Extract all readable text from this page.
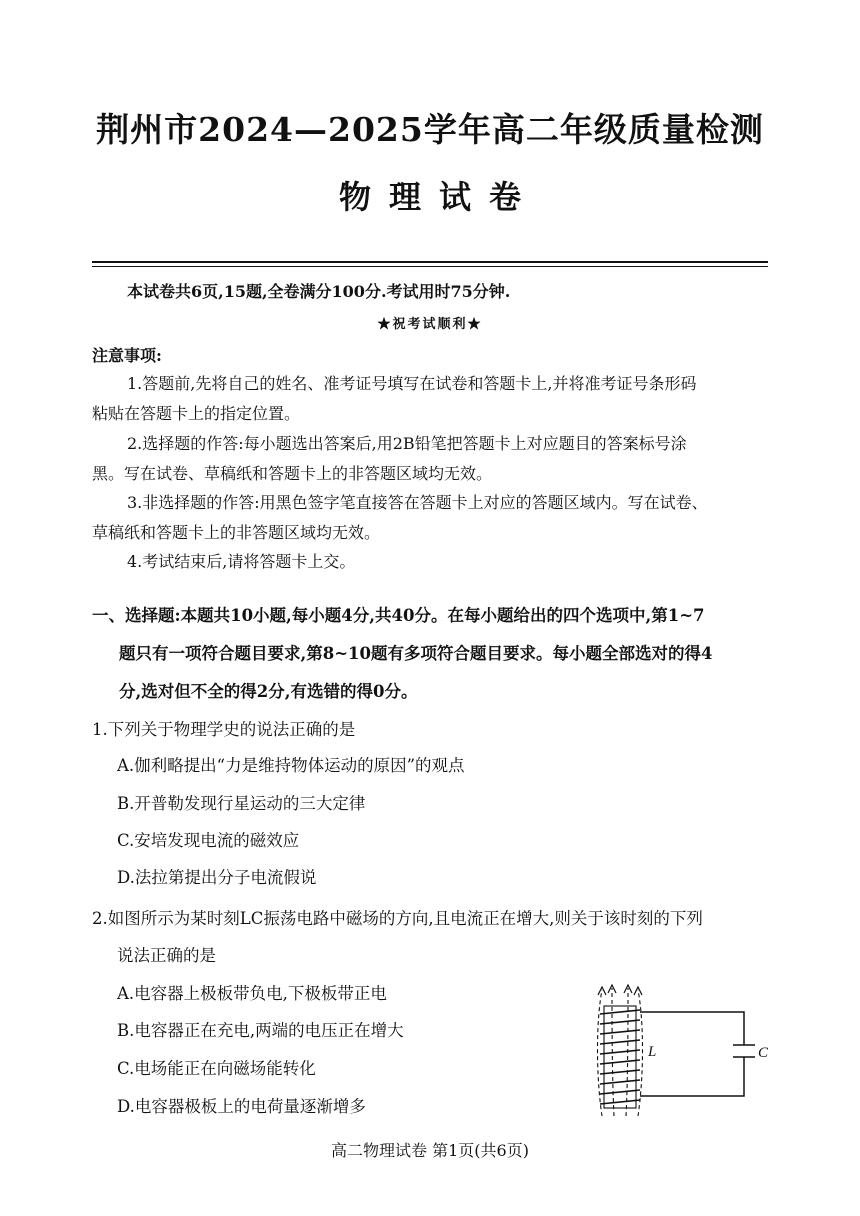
荆州市2024—2025学年高二年级质量检测
物理试卷
本试卷共6页,15题,全卷满分100分.考试用时75分钟.
★祝考试顺利★
注意事项:
1.答题前,先将自己的姓名、准考证号填写在试卷和答题卡上,并将准考证号条形码
粘贴在答题卡上的指定位置。
2.选择题的作答:每小题选出答案后,用2B铅笔把答题卡上对应题目的答案标号涂
黑。写在试卷、草稿纸和答题卡上的非答题区域均无效。
3.非选择题的作答:用黑色签字笔直接答在答题卡上对应的答题区域内。写在试卷、
草稿纸和答题卡上的非答题区域均无效。
4.考试结束后,请将答题卡上交。
一、选择题:本题共10小题,每小题4分,共40分。在每小题给出的四个选项中,第1~7
题只有一项符合题目要求,第8~10题有多项符合题目要求。每小题全部选对的得4
分,选对但不全的得2分,有选错的得0分。
1.下列关于物理学史的说法正确的是
A.伽利略提出“力是维持物体运动的原因”的观点
B.开普勒发现行星运动的三大定律
C.安培发现电流的磁效应
D.法拉第提出分子电流假说
2.如图所示为某时刻LC振荡电路中磁场的方向,且电流正在增大,则关于该时刻的下列
说法正确的是
A.电容器上极板带负电,下极板带正电
B.电容器正在充电,两端的电压正在增大
C.电场能正在向磁场能转化
D.电容器极板上的电荷量逐渐增多
L	C
高二物理试卷 第1页(共6页)
